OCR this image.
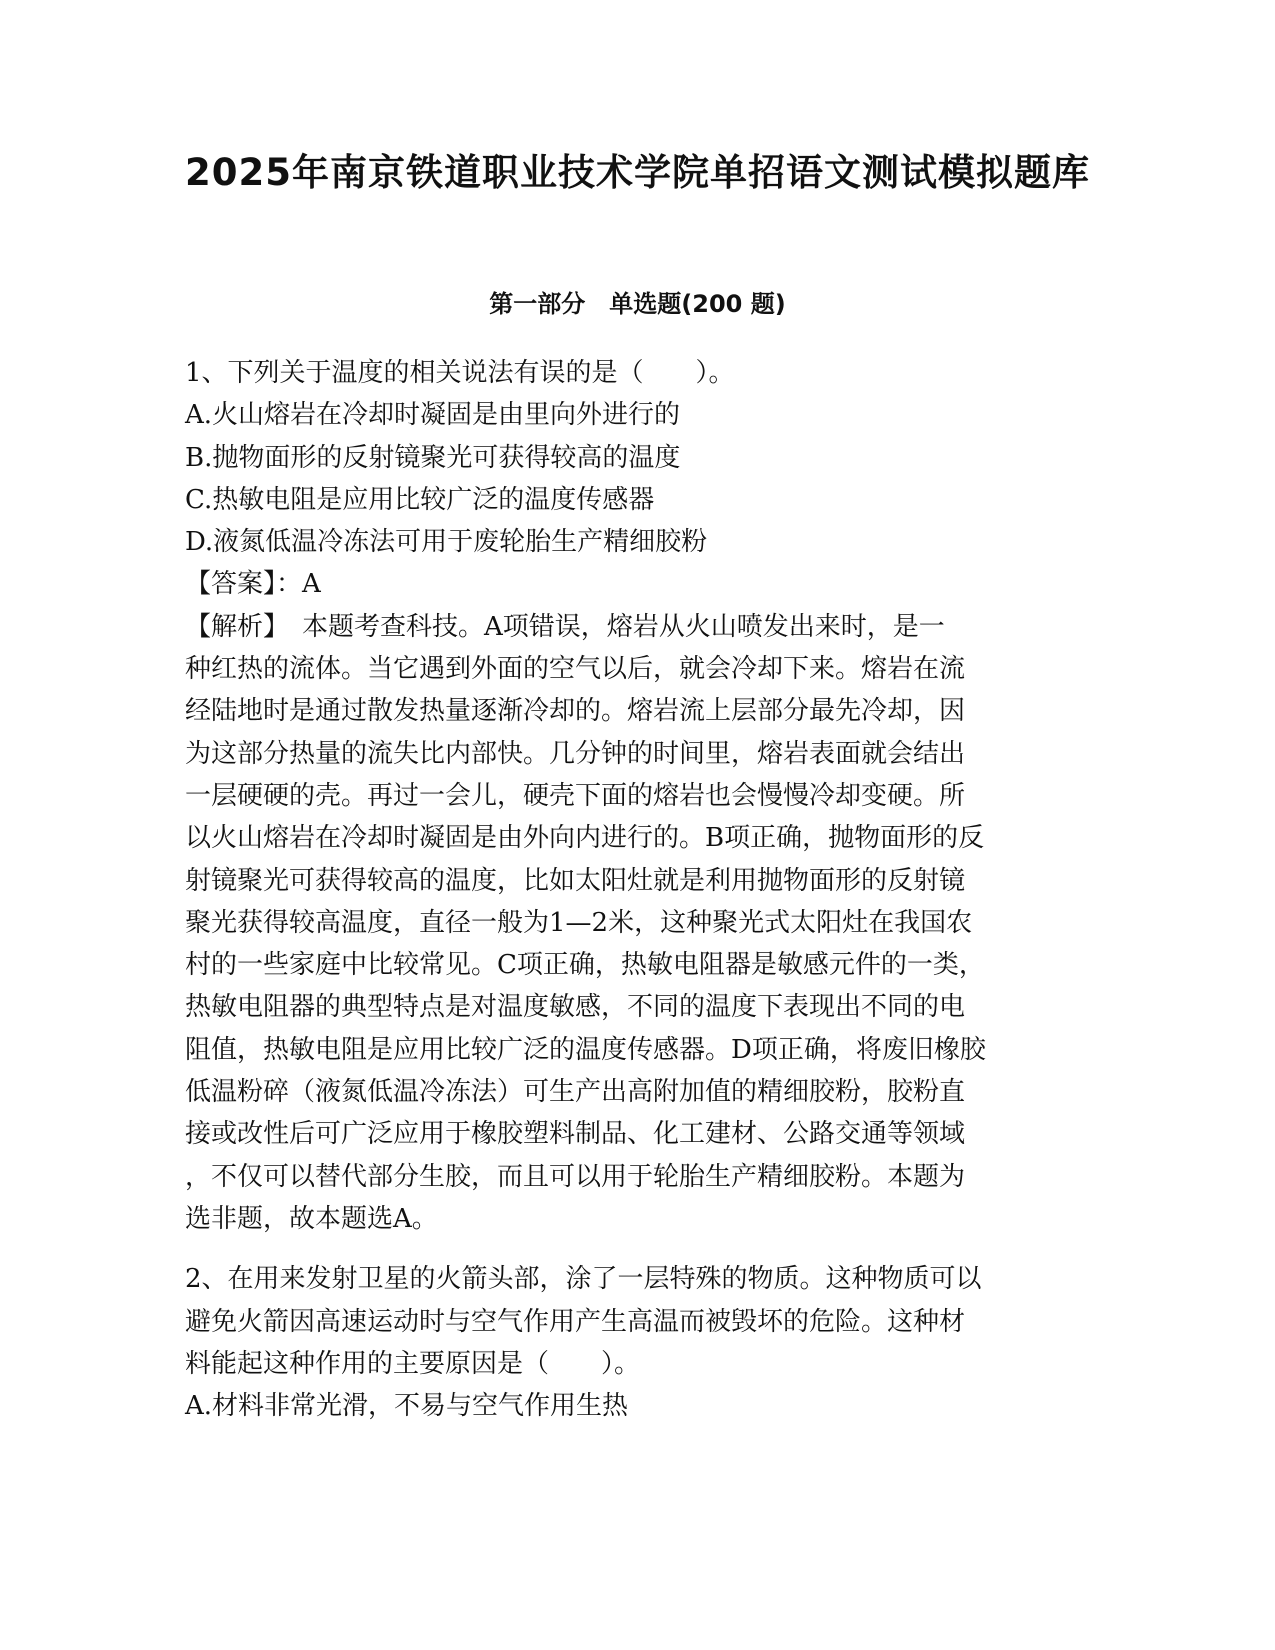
2025年南京铁道职业技术学院单招语文测试模拟题库
第一部分　单选题(200 题)
1、下列关于温度的相关说法有误的是（　　）。
A.火山熔岩在冷却时凝固是由里向外进行的
B.抛物面形的反射镜聚光可获得较高的温度
C.热敏电阻是应用比较广泛的温度传感器
D.液氮低温冷冻法可用于废轮胎生产精细胶粉
【答案】：A
【解析】　本题考查科技。A项错误，熔岩从火山喷发出来时，是一
种红热的流体。当它遇到外面的空气以后，就会冷却下来。熔岩在流
经陆地时是通过散发热量逐渐冷却的。熔岩流上层部分最先冷却，因
为这部分热量的流失比内部快。几分钟的时间里，熔岩表面就会结出
一层硬硬的壳。再过一会儿，硬壳下面的熔岩也会慢慢冷却变硬。所
以火山熔岩在冷却时凝固是由外向内进行的。B项正确，抛物面形的反
射镜聚光可获得较高的温度，比如太阳灶就是利用抛物面形的反射镜
聚光获得较高温度，直径一般为1—2米，这种聚光式太阳灶在我国农
村的一些家庭中比较常见。C项正确，热敏电阻器是敏感元件的一类，
热敏电阻器的典型特点是对温度敏感，不同的温度下表现出不同的电
阻值，热敏电阻是应用比较广泛的温度传感器。D项正确，将废旧橡胶
低温粉碎（液氮低温冷冻法）可生产出高附加值的精细胶粉，胶粉直
接或改性后可广泛应用于橡胶塑料制品、化工建材、公路交通等领域
，不仅可以替代部分生胶，而且可以用于轮胎生产精细胶粉。本题为
选非题，故本题选A。
2、在用来发射卫星的火箭头部，涂了一层特殊的物质。这种物质可以
避免火箭因高速运动时与空气作用产生高温而被毁坏的危险。这种材
料能起这种作用的主要原因是（　　）。
A.材料非常光滑，不易与空气作用生热
